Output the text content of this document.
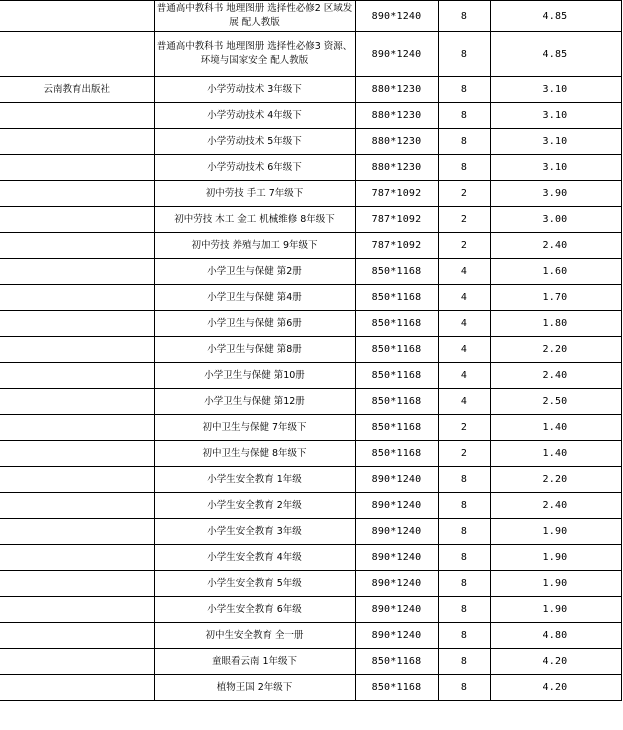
	普通高中教科书 地理图册 选择性必修2 区域发展 配人教版	890*1240	8	4.85
	普通高中教科书 地理图册 选择性必修3 资源、环境与国家安全 配人教版	890*1240	8	4.85
云南教育出版社	小学劳动技术 3年级下	880*1230	8	3.10
	小学劳动技术 4年级下	880*1230	8	3.10
	小学劳动技术 5年级下	880*1230	8	3.10
	小学劳动技术 6年级下	880*1230	8	3.10
	初中劳技 手工 7年级下	787*1092	2	3.90
	初中劳技 木工 金工 机械维修 8年级下	787*1092	2	3.00
	初中劳技 养殖与加工 9年级下	787*1092	2	2.40
	小学卫生与保健 第2册	850*1168	4	1.60
	小学卫生与保健 第4册	850*1168	4	1.70
	小学卫生与保健 第6册	850*1168	4	1.80
	小学卫生与保健 第8册	850*1168	4	2.20
	小学卫生与保健 第10册	850*1168	4	2.40
	小学卫生与保健 第12册	850*1168	4	2.50
	初中卫生与保健 7年级下	850*1168	2	1.40
	初中卫生与保健 8年级下	850*1168	2	1.40
	小学生安全教育 1年级	890*1240	8	2.20
	小学生安全教育 2年级	890*1240	8	2.40
	小学生安全教育 3年级	890*1240	8	1.90
	小学生安全教育 4年级	890*1240	8	1.90
	小学生安全教育 5年级	890*1240	8	1.90
	小学生安全教育 6年级	890*1240	8	1.90
	初中生安全教育 全一册	890*1240	8	4.80
	童眼看云南 1年级下	850*1168	8	4.20
	植物王国 2年级下	850*1168	8	4.20
